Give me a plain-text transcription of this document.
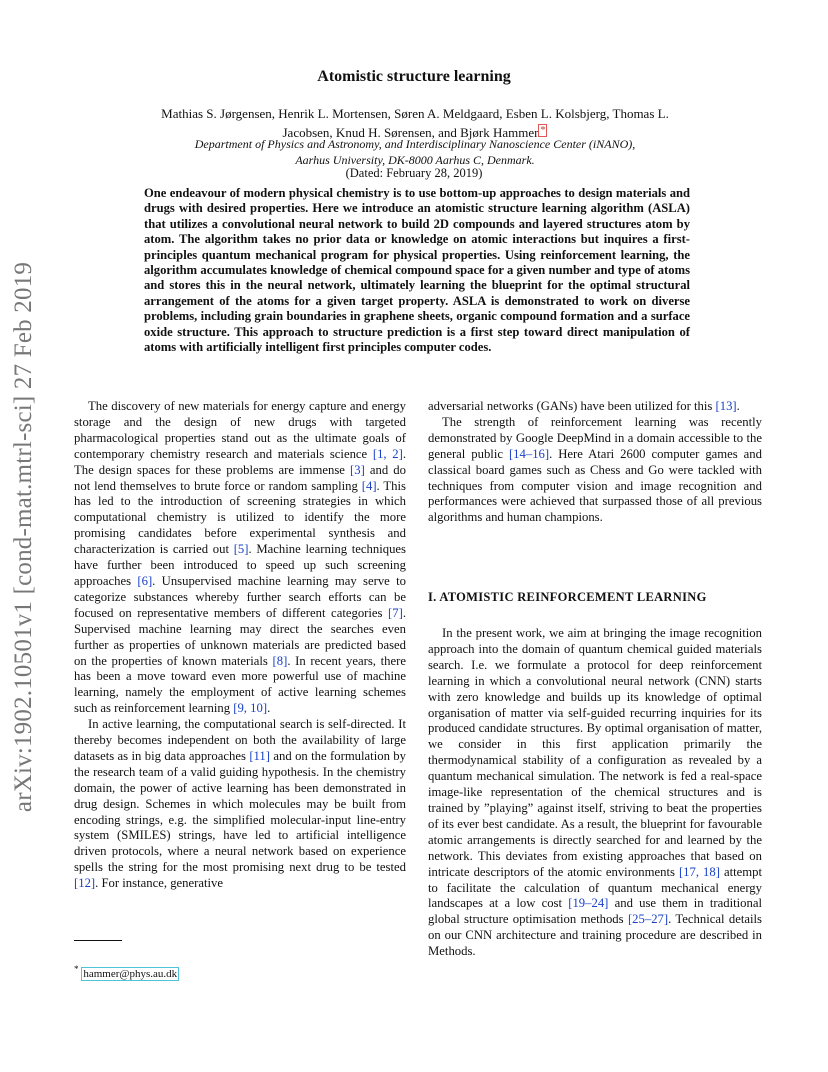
arXiv:1902.10501v1 [cond-mat.mtrl-sci] 27 Feb 2019
Atomistic structure learning
Mathias S. Jørgensen, Henrik L. Mortensen, Søren A. Meldgaard, Esben L. Kolsbjerg, Thomas L. Jacobsen, Knud H. Sørensen, and Bjørk Hammer *
Department of Physics and Astronomy, and Interdisciplinary Nanoscience Center (iNANO),
Aarhus University, DK-8000 Aarhus C, Denmark.
(Dated: February 28, 2019)
One endeavour of modern physical chemistry is to use bottom-up approaches to design materials and drugs with desired properties. Here we introduce an atomistic structure learning algorithm (ASLA) that utilizes a convolutional neural network to build 2D compounds and layered structures atom by atom. The algorithm takes no prior data or knowledge on atomic interactions but inquires a first-principles quantum mechanical program for physical properties. Using reinforcement learning, the algorithm accumulates knowledge of chemical compound space for a given number and type of atoms and stores this in the neural network, ultimately learning the blueprint for the optimal structural arrangement of the atoms for a given target property. ASLA is demonstrated to work on diverse problems, including grain boundaries in graphene sheets, organic compound formation and a surface oxide structure. This approach to structure prediction is a first step toward direct manipulation of atoms with artificially intelligent first principles computer codes.

The discovery of new materials for energy capture and energy storage and the design of new drugs with targeted pharmacological properties stand out as the ultimate goals of contemporary chemistry research and materials science [1, 2]. The design spaces for these problems are immense [3] and do not lend themselves to brute force or random sampling [4]. This has led to the introduction of screening strategies in which computational chemistry is utilized to identify the more promising candidates before experimental synthesis and characterization is carried out [5]. Machine learning techniques have further been introduced to speed up such screening approaches [6]. Unsupervised machine learning may serve to categorize substances whereby further search efforts can be focused on representative members of different categories [7]. Supervised machine learning may direct the searches even further as properties of unknown materials are predicted based on the properties of known materials [8]. In recent years, there has been a move toward even more powerful use of machine learning, namely the employment of active learning schemes such as reinforcement learning [9, 10].

In active learning, the computational search is self-directed. It thereby becomes independent on both the availability of large datasets as in big data approaches [11] and on the formulation by the research team of a valid guiding hypothesis. In the chemistry domain, the power of active learning has been demonstrated in drug design. Schemes in which molecules may be built from encoding strings, e.g. the simplified molecular-input line-entry system (SMILES) strings, have led to artificial intelligence driven protocols, where a neural network based on experience spells the string for the most promising next drug to be tested [12]. For instance, generative

adversarial networks (GANs) have been utilized for this [13].

The strength of reinforcement learning was recently demonstrated by Google DeepMind in a domain accessible to the general public [14–16]. Here Atari 2600 computer games and classical board games such as Chess and Go were tackled with techniques from computer vision and image recognition and performances were achieved that surpassed those of all previous algorithms and human champions.

I. ATOMISTIC REINFORCEMENT LEARNING

In the present work, we aim at bringing the image recognition approach into the domain of quantum chemical guided materials search. I.e. we formulate a protocol for deep reinforcement learning in which a convolutional neural network (CNN) starts with zero knowledge and builds up its knowledge of optimal organisation of matter via self-guided recurring inquiries for its produced candidate structures. By optimal organisation of matter, we consider in this first application primarily the thermodynamical stability of a configuration as revealed by a quantum mechanical simulation. The network is fed a real-space image-like representation of the chemical structures and is trained by ”playing” against itself, striving to beat the properties of its ever best candidate. As a result, the blueprint for favourable atomic arrangements is directly searched for and learned by the network. This deviates from existing approaches that based on intricate descriptors of the atomic environments [17, 18] attempt to facilitate the calculation of quantum mechanical energy landscapes at a low cost [19–24] and use them in traditional global structure optimisation methods [25–27]. Technical details on our CNN architecture and training procedure are described in Methods.

* hammer@phys.au.dk
